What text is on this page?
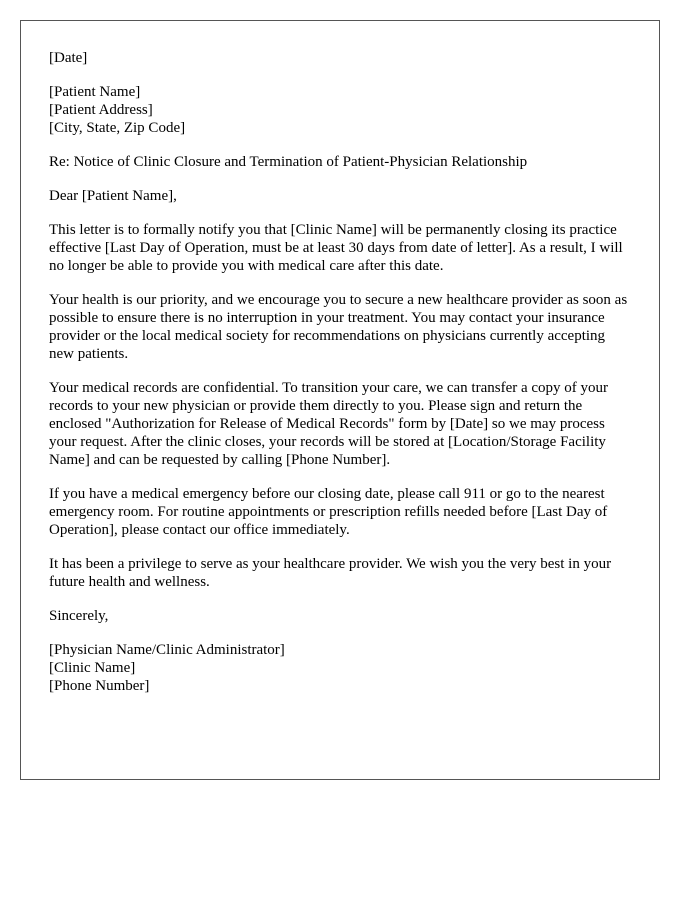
[Date]
[Patient Name]
[Patient Address]
[City, State, Zip Code]
Re: Notice of Clinic Closure and Termination of Patient-Physician Relationship
Dear [Patient Name],

This letter is to formally notify you that [Clinic Name] will be permanently closing its practice effective [Last Day of Operation, must be at least 30 days from date of letter]. As a result, I will no longer be able to provide you with medical care after this date.

Your health is our priority, and we encourage you to secure a new healthcare provider as soon as possible to ensure there is no interruption in your treatment. You may contact your insurance provider or the local medical society for recommendations on physicians currently accepting new patients.

Your medical records are confidential. To transition your care, we can transfer a copy of your records to your new physician or provide them directly to you. Please sign and return the enclosed "Authorization for Release of Medical Records" form by [Date] so we may process your request. After the clinic closes, your records will be stored at [Location/Storage Facility Name] and can be requested by calling [Phone Number].

If you have a medical emergency before our closing date, please call 911 or go to the nearest emergency room. For routine appointments or prescription refills needed before [Last Day of Operation], please contact our office immediately.

It has been a privilege to serve as your healthcare provider. We wish you the very best in your future health and wellness.

Sincerely,
[Physician Name/Clinic Administrator]
[Clinic Name]
[Phone Number]
